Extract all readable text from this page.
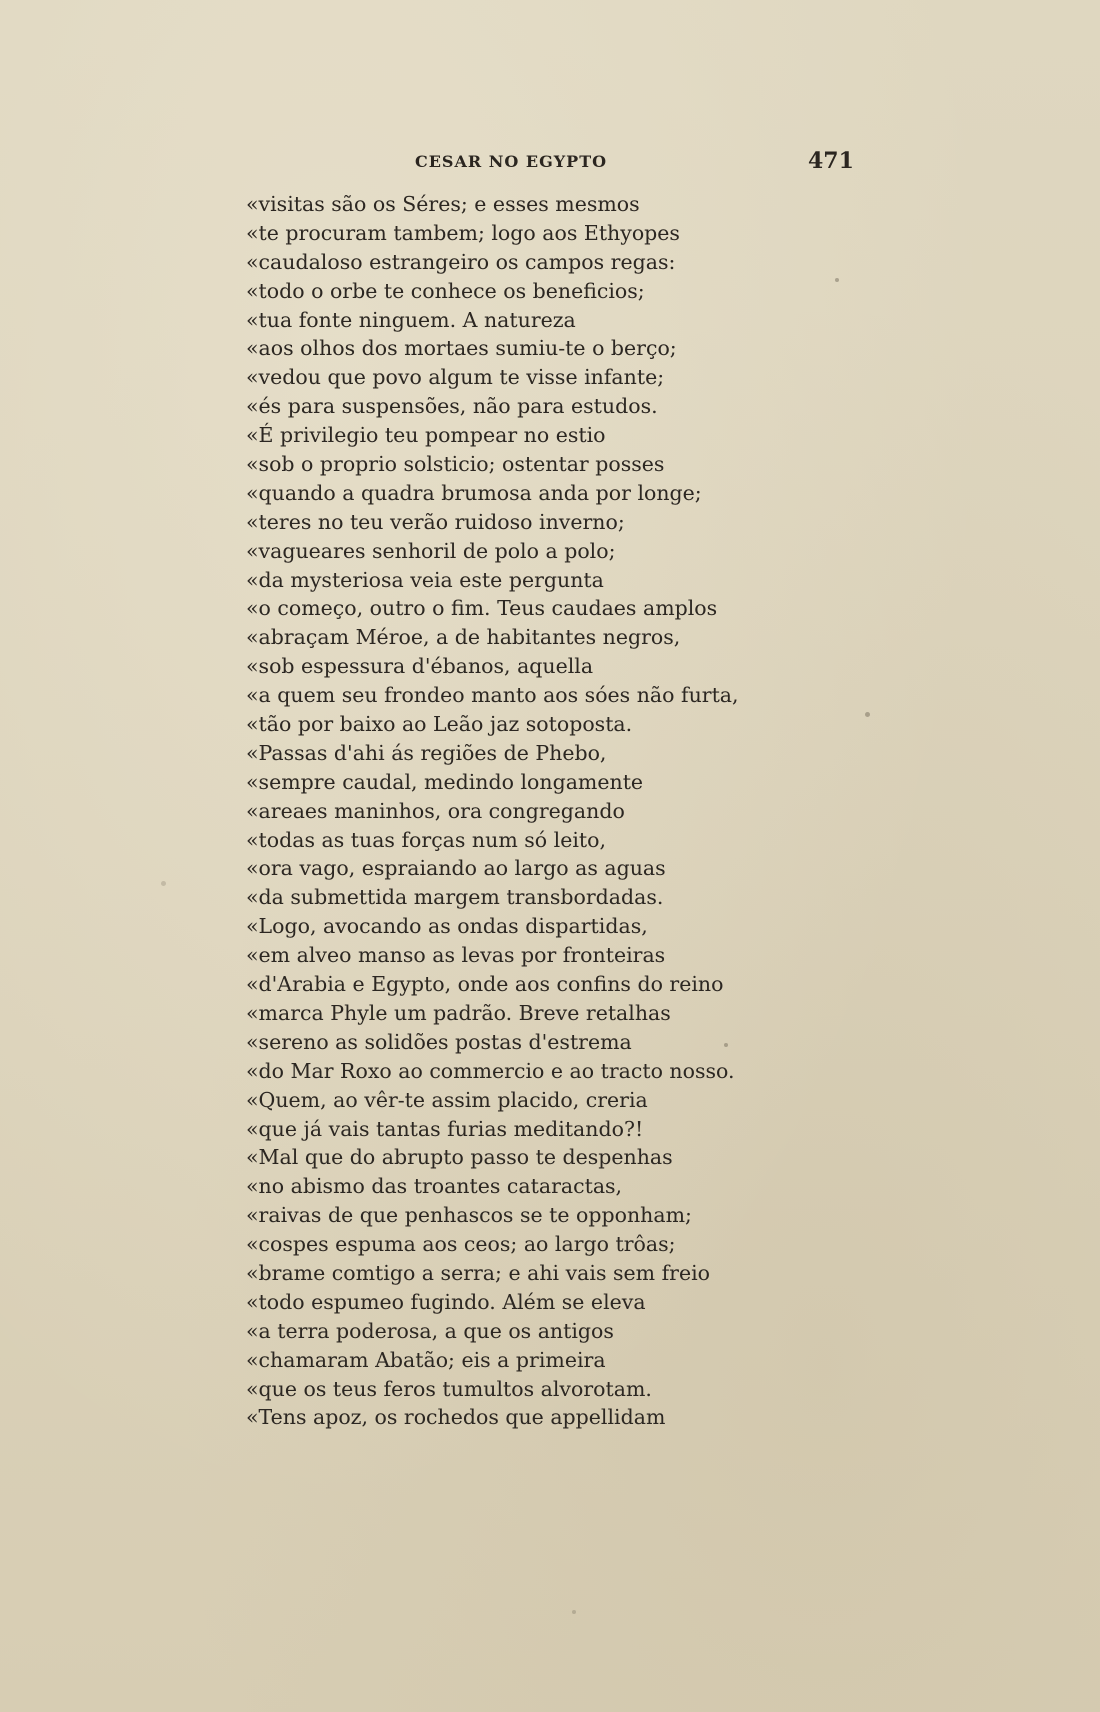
CESAR NO EGYPTO	471
«visitas são os Séres; e esses mesmos
«te procuram tambem; logo aos Ethyopes
«caudaloso estrangeiro os campos regas:
«todo o orbe te conhece os beneficios;
«tua fonte ninguem. A natureza
«aos olhos dos mortaes sumiu-te o berço;
«vedou que povo algum te visse infante;
«és para suspensões, não para estudos.
«É privilegio teu pompear no estio
«sob o proprio solsticio; ostentar posses
«quando a quadra brumosa anda por longe;
«teres no teu verão ruidoso inverno;
«vagueares senhoril de polo a polo;
«da mysteriosa veia este pergunta
«o começo, outro o fim. Teus caudaes amplos
«abraçam Méroe, a de habitantes negros,
«sob espessura d'ébanos, aquella
«a quem seu frondeo manto aos sóes não furta,
«tão por baixo ao Leão jaz sotoposta.
«Passas d'ahi ás regiões de Phebo,
«sempre caudal, medindo longamente
«areaes maninhos, ora congregando
«todas as tuas forças num só leito,
«ora vago, espraiando ao largo as aguas
«da submettida margem transbordadas.
«Logo, avocando as ondas dispartidas,
«em alveo manso as levas por fronteiras
«d'Arabia e Egypto, onde aos confins do reino
«marca Phyle um padrão. Breve retalhas
«sereno as solidões postas d'estrema
«do Mar Roxo ao commercio e ao tracto nosso.
«Quem, ao vêr-te assim placido, creria
«que já vais tantas furias meditando?!
«Mal que do abrupto passo te despenhas
«no abismo das troantes cataractas,
«raivas de que penhascos se te opponham;
«cospes espuma aos ceos; ao largo trôas;
«brame comtigo a serra; e ahi vais sem freio
«todo espumeo fugindo. Além se eleva
«a terra poderosa, a que os antigos
«chamaram Abatão; eis a primeira
«que os teus feros tumultos alvorotam.
«Tens apoz, os rochedos que appellidam
